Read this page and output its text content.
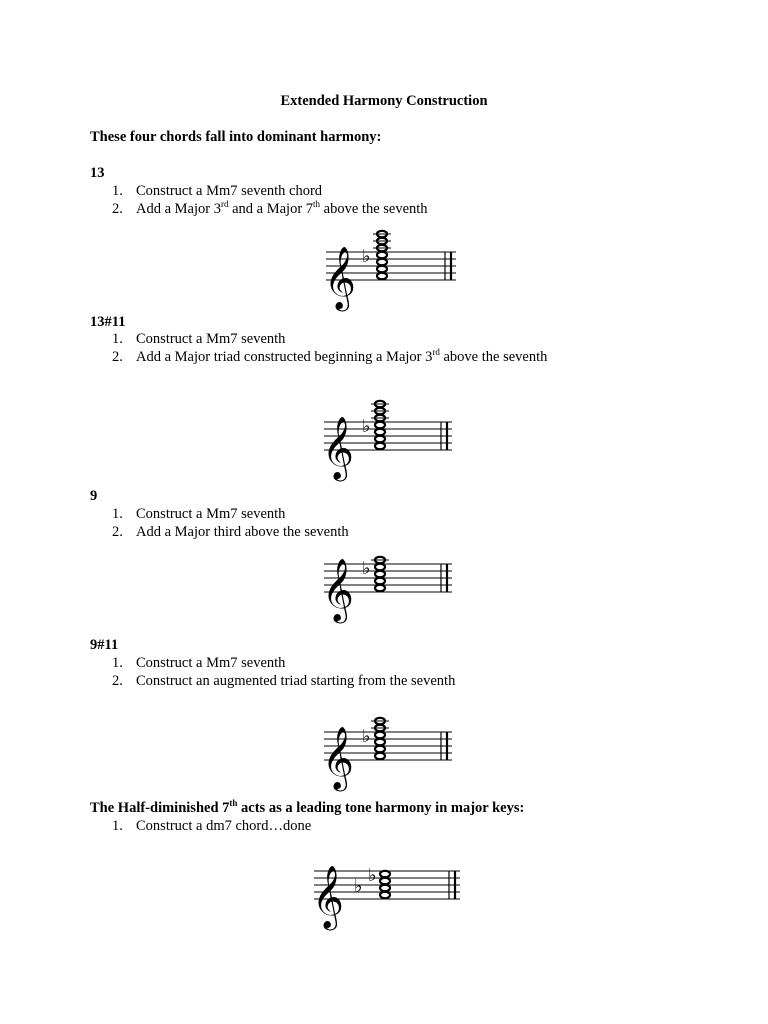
Extended Harmony Construction
These four chords fall into dominant harmony:
13
1. Construct a Mm7 seventh chord
2. Add a Major 3rd and a Major 7th above the seventh
𝄞 ♭
13#11
1. Construct a Mm7 seventh
2. Add a Major triad constructed beginning a Major 3rd above the seventh
𝄞 ♭
9
1. Construct a Mm7 seventh
2. Add a Major third above the seventh
𝄞 ♭
9#11
1. Construct a Mm7 seventh
2. Construct an augmented triad starting from the seventh
𝄞 ♭
The Half-diminished 7th acts as a leading tone harmony in major keys:
1. Construct a dm7 chord…done
𝄞 ♭
♭
